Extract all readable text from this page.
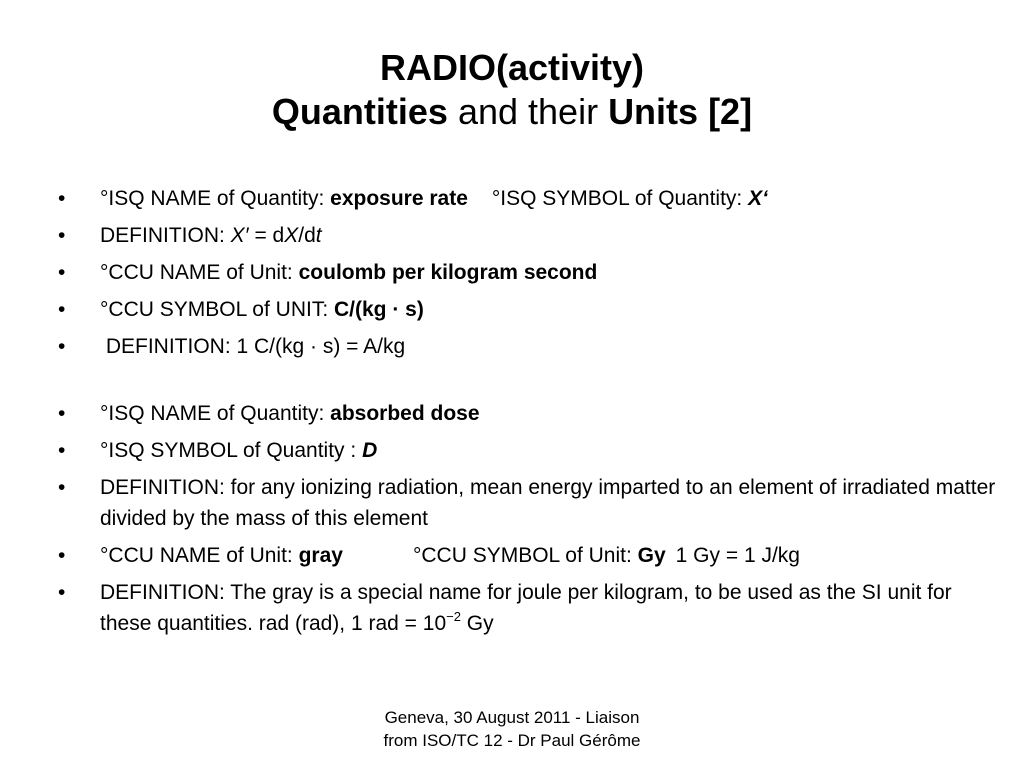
RADIO(activity)
Quantities and their Units [2]
•	°ISQ NAME of Quantity: exposure rate °ISQ SYMBOL of Quantity: X‘
•	DEFINITION: X′ = dX/dt
•	°CCU NAME of Unit: coulomb per kilogram second
•	°CCU SYMBOL of UNIT: C/(kg · s)
•	DEFINITION: 1 C/(kg · s) = A/kg
•	°ISQ NAME of Quantity: absorbed dose
•	°ISQ SYMBOL of Quantity : D
•	DEFINITION: for any ionizing radiation, mean energy imparted to an element of irradiated matter divided by the mass of this element
•	°CCU NAME of Unit: gray	°CCU SYMBOL of Unit: Gy 1 Gy = 1 J/kg
•	DEFINITION: The gray is a special name for joule per kilogram, to be used as the SI unit for these quantities. rad (rad), 1 rad = $10^{-2}$ Gy
Geneva, 30 August 2011 - Liaison
from ISO/TC 12 - Dr Paul Gérôme
